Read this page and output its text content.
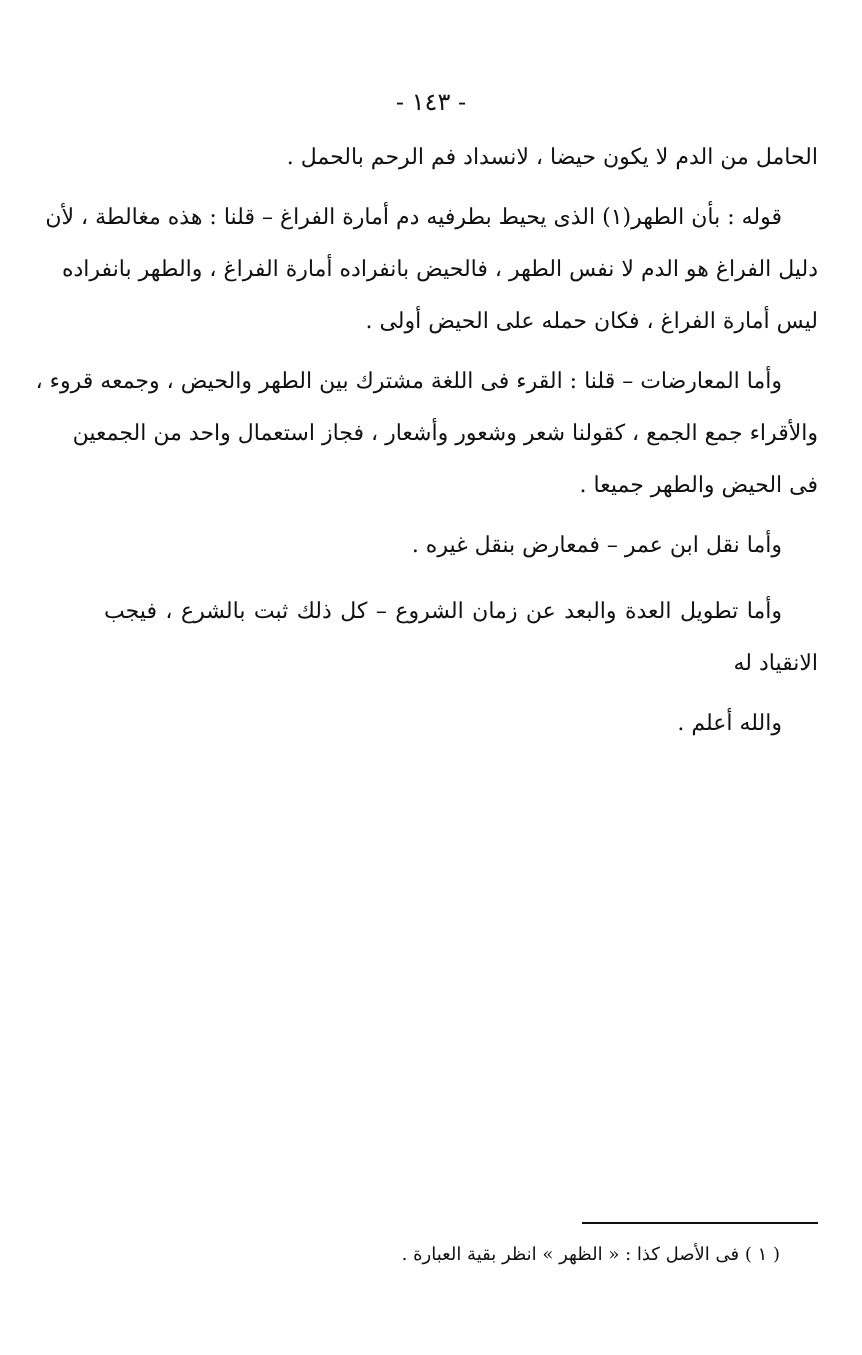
- ١٤٣ -
الحامل من الدم لا يكون حيضا ، لانسداد فم الرحم بالحمل .
قوله : بأن الطهر(١) الذى يحيط بطرفيه دم أمارة الفراغ – قلنا : هذه مغالطة ، لأن
دليل الفراغ هو الدم لا نفس الطهر ، فالحيض بانفراده أمارة الفراغ ، والطهر بانفراده
ليس أمارة الفراغ ، فكان حمله على الحيض أولى .
وأما المعارضات – قلنا : القرء فى اللغة مشترك بين الطهر والحيض ، وجمعه قروء ،
والأقراء جمع الجمع ، كقولنا شعر وشعور وأشعار ، فجاز استعمال واحد من الجمعين
فى الحيض والطهر جميعا .
وأما نقل ابن عمر – فمعارض بنقل غيره .
وأما تطويل العدة والبعد عن زمان الشروع – كل ذلك ثبت بالشرع ، فيجب
الانقياد له
والله أعلم .
( ١ ) فى الأصل كذا : « الظهر » انظر بقية العبارة .
